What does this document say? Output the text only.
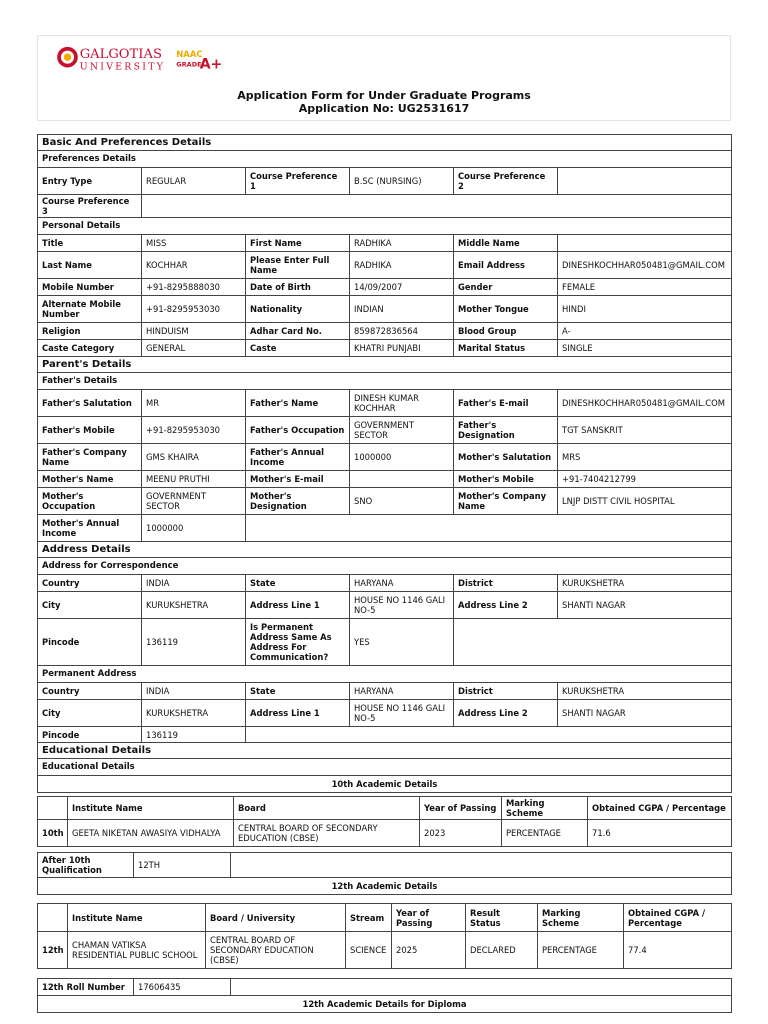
GALGOTIAS
UNIVERSITY
NAAC
GRADE
A+
Application Form for Under Graduate Programs
Application No: UG2531617
Basic And Preferences Details					
Preferences Details					
Entry Type	REGULAR	Course Preference 1	B.SC (NURSING)	Course Preference 2	
Course Preference 3					
Personal Details					
Title	MISS	First Name	RADHIKA	Middle Name	
Last Name	KOCHHAR	Please Enter Full Name	RADHIKA	Email Address	DINESHKOCHHAR050481@GMAIL.COM
Mobile Number	+91-8295888030	Date of Birth	14/09/2007	Gender	FEMALE
Alternate Mobile Number	+91-8295953030	Nationality	INDIAN	Mother Tongue	HINDI
Religion	HINDUISM	Adhar Card No.	859872836564	Blood Group	A-
Caste Category	GENERAL	Caste	KHATRI PUNJABI	Marital Status	SINGLE
Parent's Details					
Father's Details					
Father's Salutation	MR	Father's Name	DINESH KUMAR KOCHHAR	Father's E-mail	DINESHKOCHHAR050481@GMAIL.COM
Father's Mobile	+91-8295953030	Father's Occupation	GOVERNMENT SECTOR	Father's Designation	TGT SANSKRIT
Father's Company Name	GMS KHAIRA	Father's Annual Income	1000000	Mother's Salutation	MRS
Mother's Name	MEENU PRUTHI	Mother's E-mail		Mother's Mobile	+91-7404212799
Mother's Occupation	GOVERNMENT SECTOR	Mother's Designation	SNO	Mother's Company Name	LNJP DISTT CIVIL HOSPITAL
Mother's Annual Income	1000000				
Address Details					
Address for Correspondence					
Country	INDIA	State	HARYANA	District	KURUKSHETRA
City	KURUKSHETRA	Address Line 1	HOUSE NO 1146 GALI NO-5	Address Line 2	SHANTI NAGAR
Pincode	136119	Is Permanent Address Same As Address For Communication?	YES		
Permanent Address					
Country	INDIA	State	HARYANA	District	KURUKSHETRA
City	KURUKSHETRA	Address Line 1	HOUSE NO 1146 GALI NO-5	Address Line 2	SHANTI NAGAR
Pincode	136119				
Educational Details					
Educational Details					
10th Academic Details					
	Institute Name	Board	Year of Passing	Marking Scheme	Obtained CGPA / Percentage
10th	GEETA NIKETAN AWASIYA VIDHALYA	CENTRAL BOARD OF SECONDARY EDUCATION (CBSE)	2023	PERCENTAGE	71.6
After 10th Qualification	12TH	
12th Academic Details
	Institute Name	Board / University	Stream	Year of Passing	Result Status	Marking Scheme	Obtained CGPA / Percentage
12th	CHAMAN VATIKSA RESIDENTIAL PUBLIC SCHOOL	CENTRAL BOARD OF SECONDARY EDUCATION (CBSE)	SCIENCE	2025	DECLARED	PERCENTAGE	77.4
12th Roll Number	17606435	
12th Academic Details for Diploma
